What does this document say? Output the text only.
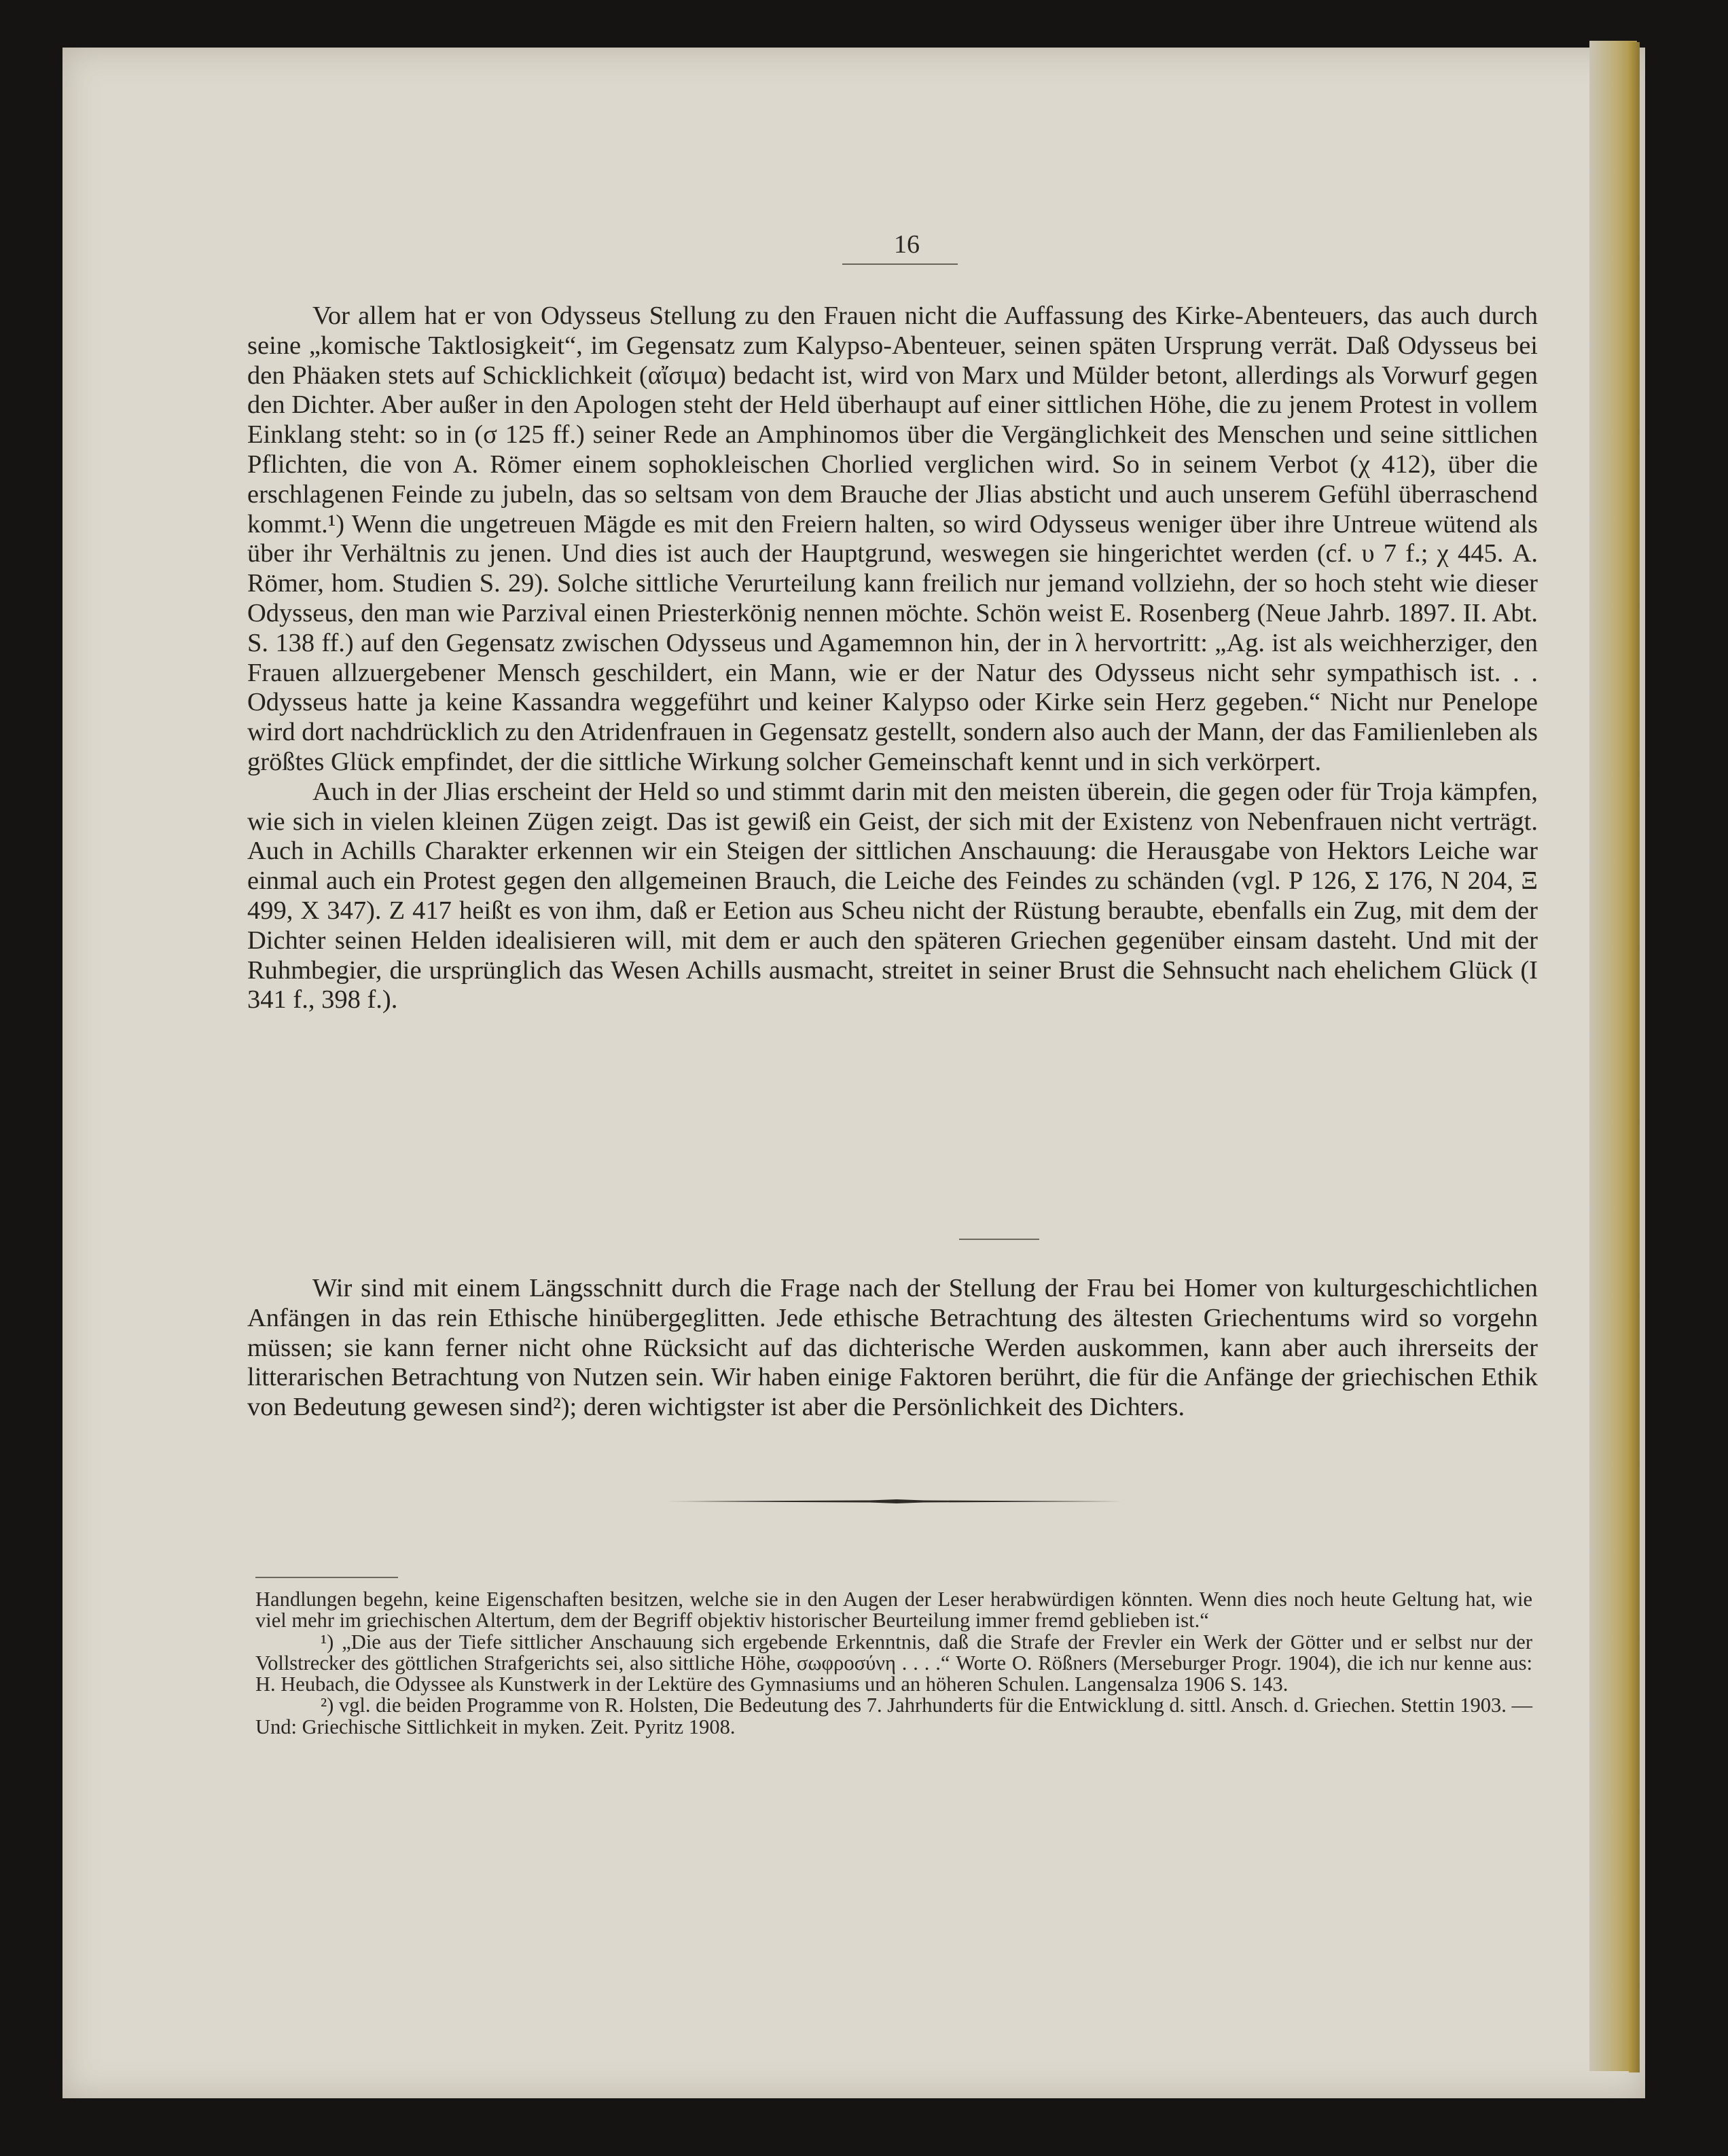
16

Vor allem hat er von Odysseus Stellung zu den Frauen nicht die Auffassung des Kirke-Abenteuers, das auch durch seine „komische Taktlosigkeit“, im Gegensatz zum Kalypso-Abenteuer, seinen späten Ursprung verrät. Daß Odysseus bei den Phäaken stets auf Schicklichkeit (αἴσιμα) bedacht ist, wird von Marx und Mülder betont, allerdings als Vorwurf gegen den Dichter. Aber außer in den Apologen steht der Held überhaupt auf einer sittlichen Höhe, die zu jenem Protest in vollem Einklang steht: so in (σ 125 ff.) seiner Rede an Amphinomos über die Vergänglichkeit des Menschen und seine sittlichen Pflichten, die von A. Römer einem sophokleischen Chorlied verglichen wird. So in seinem Verbot (χ 412), über die erschlagenen Feinde zu jubeln, das so seltsam von dem Brauche der Jlias absticht und auch unserem Gefühl überraschend kommt.¹) Wenn die ungetreuen Mägde es mit den Freiern halten, so wird Odysseus weniger über ihre Untreue wütend als über ihr Verhältnis zu jenen. Und dies ist auch der Hauptgrund, weswegen sie hingerichtet werden (cf. υ 7 f.; χ 445. A. Römer, hom. Studien S. 29). Solche sittliche Verurteilung kann freilich nur jemand vollziehn, der so hoch steht wie dieser Odysseus, den man wie Parzival einen Priesterkönig nennen möchte. Schön weist E. Rosenberg (Neue Jahrb. 1897. II. Abt. S. 138 ff.) auf den Gegensatz zwischen Odysseus und Agamemnon hin, der in λ hervortritt: „Ag. ist als weichherziger, den Frauen allzuergebener Mensch geschildert, ein Mann, wie er der Natur des Odysseus nicht sehr sympathisch ist. . . Odysseus hatte ja keine Kassandra weggeführt und keiner Kalypso oder Kirke sein Herz gegeben.“ Nicht nur Penelope wird dort nachdrücklich zu den Atridenfrauen in Gegensatz gestellt, sondern also auch der Mann, der das Familienleben als größtes Glück empfindet, der die sittliche Wirkung solcher Gemeinschaft kennt und in sich verkörpert.

Auch in der Jlias erscheint der Held so und stimmt darin mit den meisten überein, die gegen oder für Troja kämpfen, wie sich in vielen kleinen Zügen zeigt. Das ist gewiß ein Geist, der sich mit der Existenz von Nebenfrauen nicht verträgt. Auch in Achills Charakter erkennen wir ein Steigen der sittlichen Anschauung: die Herausgabe von Hektors Leiche war einmal auch ein Protest gegen den allgemeinen Brauch, die Leiche des Feindes zu schänden (vgl. Ρ 126, Σ 176, Ν 204, Ξ 499, Χ 347). Ζ 417 heißt es von ihm, daß er Eetion aus Scheu nicht der Rüstung beraubte, ebenfalls ein Zug, mit dem der Dichter seinen Helden idealisieren will, mit dem er auch den späteren Griechen gegenüber einsam dasteht. Und mit der Ruhmbegier, die ursprünglich das Wesen Achills ausmacht, streitet in seiner Brust die Sehnsucht nach ehelichem Glück (Ι 341 f., 398 f.).

Wir sind mit einem Längsschnitt durch die Frage nach der Stellung der Frau bei Homer von kulturgeschichtlichen Anfängen in das rein Ethische hinübergeglitten. Jede ethische Betrachtung des ältesten Griechentums wird so vorgehn müssen; sie kann ferner nicht ohne Rücksicht auf das dichterische Werden auskommen, kann aber auch ihrerseits der litterarischen Betrachtung von Nutzen sein. Wir haben einige Faktoren berührt, die für die Anfänge der griechischen Ethik von Bedeutung gewesen sind²); deren wichtigster ist aber die Persönlichkeit des Dichters.

Handlungen begehn, keine Eigenschaften besitzen, welche sie in den Augen der Leser herabwürdigen könnten. Wenn dies noch heute Geltung hat, wie viel mehr im griechischen Altertum, dem der Begriff objektiv historischer Beurteilung immer fremd geblieben ist.“

¹) „Die aus der Tiefe sittlicher Anschauung sich ergebende Erkenntnis, daß die Strafe der Frevler ein Werk der Götter und er selbst nur der Vollstrecker des göttlichen Strafgerichts sei, also sittliche Höhe, σωφροσύνη . . . .“ Worte O. Rößners (Merseburger Progr. 1904), die ich nur kenne aus: H. Heubach, die Odyssee als Kunstwerk in der Lektüre des Gymnasiums und an höheren Schulen. Langensalza 1906 S. 143.

²) vgl. die beiden Programme von R. Holsten, Die Bedeutung des 7. Jahrhunderts für die Entwicklung d. sittl. Ansch. d. Griechen. Stettin 1903. — Und: Griechische Sittlichkeit in myken. Zeit. Pyritz 1908.
